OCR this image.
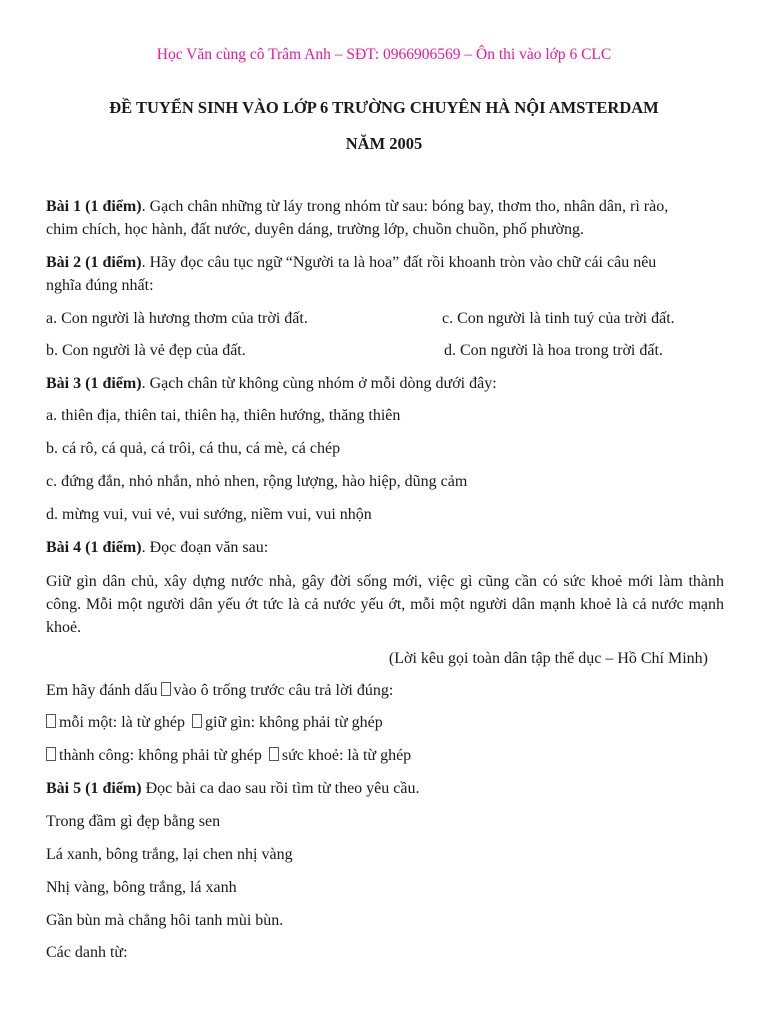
Học Văn cùng cô Trâm Anh – SĐT: 0966906569 – Ôn thi vào lớp 6 CLC
ĐỀ TUYỂN SINH VÀO LỚP 6 TRƯỜNG CHUYÊN HÀ NỘI AMSTERDAM
NĂM 2005
Bài 1 (1 điểm). Gạch chân những từ láy trong nhóm từ sau: bóng bay, thơm tho, nhân dân, rì rào,
chim chích, học hành, đất nước, duyên dáng, trường lớp, chuồn chuồn, phố phường.
Bài 2 (1 điểm). Hãy đọc câu tục ngữ “Người ta là hoa” đất rồi khoanh tròn vào chữ cái câu nêu
nghĩa đúng nhất:
a. Con người là hương thơm của trời đất.	c. Con người là tinh tuý của trời đất.
b. Con người là vẻ đẹp của đất.	d. Con người là hoa trong trời đất.
Bài 3 (1 điểm). Gạch chân từ không cùng nhóm ở mỗi dòng dưới đây:
a. thiên địa, thiên tai, thiên hạ, thiên hướng, thăng thiên
b. cá rô, cá quả, cá trôi, cá thu, cá mè, cá chép
c. đứng đắn, nhỏ nhắn, nhỏ nhen, rộng lượng, hào hiệp, dũng cảm
d. mừng vui, vui vẻ, vui sướng, niềm vui, vui nhộn
Bài 4 (1 điểm). Đọc đoạn văn sau:
Giữ gìn dân chủ, xây dựng nước nhà, gây đời sống mới, việc gì cũng cần có sức khoẻ mới làm thành công. Mỗi một người dân yếu ớt tức là cả nước yếu ớt, mỗi một người dân mạnh khoẻ là cả nước mạnh khoẻ.
(Lời kêu gọi toàn dân tập thể dục – Hồ Chí Minh)
Em hãy đánh dấu vào ô trống trước câu trả lời đúng:
mỗi một: là từ ghép giữ gìn: không phải từ ghép
thành công: không phải từ ghép sức khoẻ: là từ ghép
Bài 5 (1 điểm) Đọc bài ca dao sau rồi tìm từ theo yêu cầu.
Trong đầm gì đẹp bằng sen
Lá xanh, bông trắng, lại chen nhị vàng
Nhị vàng, bông trắng, lá xanh
Gần bùn mà chẳng hôi tanh mùi bùn.
Các danh từ:
